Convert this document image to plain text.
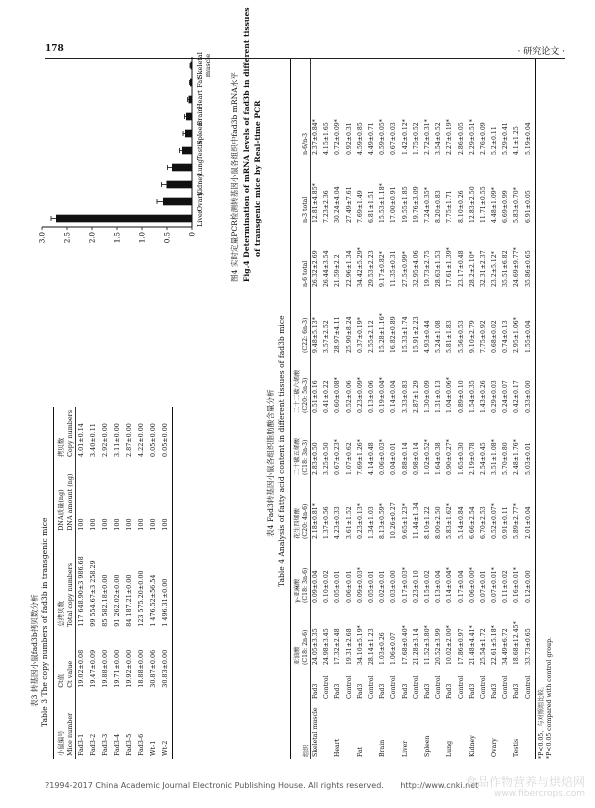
178	· 研究论文 ·
表3 转基因小鼠fad3b拷贝数分析 Table 3 The copy numbers of fad3b in transgenic mice
小鼠编号	Ct值	总拷贝数	DNA质量(ng)	拷贝数
Mice number	Ct value	Total copy numbers	DNA amount (ng)	Copy numbers
Fad3-1	19.02±0.08	117 648.90±3 986.68	100	4.01±0.14
Fad3-2	19.47±0.09	99 554.67±3 258.29	100	3.40±0.11
Fad3-3	19.88±0.00	85 582.18±0.00	100	2.92±0.00
Fad3-4	19.71±0.00	91 262.02±0.00	100	3.11±0.00
Fad3-5	19.92±0.00	84 187.21±0.00	100	2.87±0.00
Fad3-6	18.88±0.00	123 575.20±0.00	100	4.22±0.00
Wt-1	30.87±0.06	1 476.52±56.54	100	0.05±0.00
Wt-2	30.83±0.00	1 496.31±0.00	100	0.05±0.00
0
0.5
1.0
1.5
2.0
2.5
3.0
Liver
Ovary
Kidney
Lung
Testis
Spleen
Brain
Heart
Fat
Skeletal muscle
图4 实时定量PCR检测转基因小鼠各组织中fad3b mRNA水平 Fig.4 Determination of mRNA levels of fad3b in different tissues of transgenic mice by Real-time PCR
表4 Fad3转基因小鼠各组织脂肪酸含量分析 Table 4 Analysis of fatty acid content in different tissues of fad3b mice
		亚油酸	γ-亚麻酸	花生四烯酸	二十碳五烯酸	二十二碳六烯酸				
组织		(C18: 2n-6)	(C18: 3n-6)	(C20: 4n-6)	(C18: 3n-3)	(C20: 5n-3)	(C22: 6n-3)	n-6 total	n-3 total	n-6/n-3
Skeletal muscle	Fad3	24.05±3.35	0.09±0.04	2.18±0.81*	2.83±0.50	0.51±0.16	9.48±5.13*	26.32±2.69	12.81±4.85*	2.37±0.84*
	Control	24.98±3.45	0.10±0.02	1.37±0.56	3.25±0.50	0.41±0.22	3.57±2.52	26.44±3.54	7.23±2.36	4.15±1.65
Heart	Fad3	17.32±2.48	0.05±0.01	4.23±0.33	0.67±0.23*	0.60±0.08*	28.97±4.11	21.59±2.2	30.24±4.04	0.72±0.09*
	Control	19.31±2.68	0.06±0.01	3.61±1.52	1.07±0.62	0.52±0.06	25.90±8.24	22.96±1.34	27.49±7.61	0.92±0.31
Fat	Fad3	34.10±5.19*	0.09±0.03*	0.23±0.13*	7.69±1.26*	0.23±0.09*	0.37±0.19*	34.42±5.29*	7.69±1.49	4.59±0.85
	Control	28.14±1.23	0.05±0.01	1.34±1.03	4.14±0.48	0.13±0.06	2.55±2.12	29.53±2.23	6.81±1.51	4.49±0.71
Brain	Fad3	1.03±0.26	0.02±0.01	8.13±0.59*	0.06±0.03*	0.19±0.04*	15.28±1.16*	9.17±0.82*	15.53±1.18*	0.59±0.05*
	Control	1.06±0.07	0.03±0.00	10.26±0.27	0.04±0.01	0.14±0.04	16.82±0.89	11.35±0.31	17.00±0.91	0.67±0.03
Liver	Fad3	17.68±0.40*	0.17±0.03*	9.65±1.23*	0.88±0.14	3.33±0.83	15.33±1.74	27.5±0.99*	19.55±1.85	1.42±0.12*
	Control	21.28±3.14	0.23±0.10	11.44±1.34	0.98±0.14	2.87±1.29	15.91±2.23	32.95±4.06	19.76±3.09	1.75±0.52
Spleen	Fad3	11.52±3.80*	0.15±0.02	8.10±1.22	1.02±0.52*	1.30±0.09	4.93±0.44	19.73±2.75	7.24±0.35*	2.72±0.31*
	Control	20.52±3.99	0.13±0.04	8.00±2.50	1.64±0.38	1.31±0.13	5.24±1.08	28.63±1.53	8.20±0.83	3.54±0.52
Lung	Fad3	10.02±2.00*	0.14±0.04*	5.83±1.62*	0.90±0.27*	1.04±0.06*	5.81±1.83	17.61±1.39*	7.75±1.71	2.27±0.19*
	Control	17.86±0.97	0.17±0.04	5.14±0.84	1.65±0.30	0.89±0.10	5.56±0.53	23.17±0.48	8.10±0.26	2.86±0.05
Kidney	Fad3	21.48±4.41*	0.06±0.00*	6.66±2.54	2.19±0.78	1.54±0.35	9.10±2.79	28.2±2.10*	12.83±2.50	2.29±0.51*
	Control	25.54±1.72	0.07±0.01	6.70±2.53	2.54±0.45	1.43±0.26	7.75±0.92	32.31±2.37	11.71±0.55	2.76±0.09
Ovary	Fad3	22.61±5.18*	0.07±0.01*	0.52±0.07*	3.51±1.08*	0.29±0.03	0.68±0.02	23.2±5.12*	4.48±1.09*	5.2±0.11
	Control	34.49±6.72	0.11±0.02	0.91±0.11	5.70±0.80	0.24±0.07	0.74±0.13	35.51±6.82	6.69±0.99	5.29±0.41
Testis	Fad3	18.68±12.45*	0.16±0.01*	5.89±2.77*	2.48±1.76*	0.42±0.17	2.95±1.06*	24.69±9.77*	5.83±0.70*	4.1±1.25
	Control	33.73±0.65	0.12±0.00	2.01±0.04	5.03±0.01	0.33±0.00	1.55±0.04	35.86±0.65	6.91±0.05	5.19±0.04
*P<0.05，与对照组比较。 *P<0.05 compared with control group.
?1994-2017 China Academic Journal Electronic Publishing House. All rights reserved. http://www.cnki.net
食品作物营养与烘焙网
www.fibercrops.com
